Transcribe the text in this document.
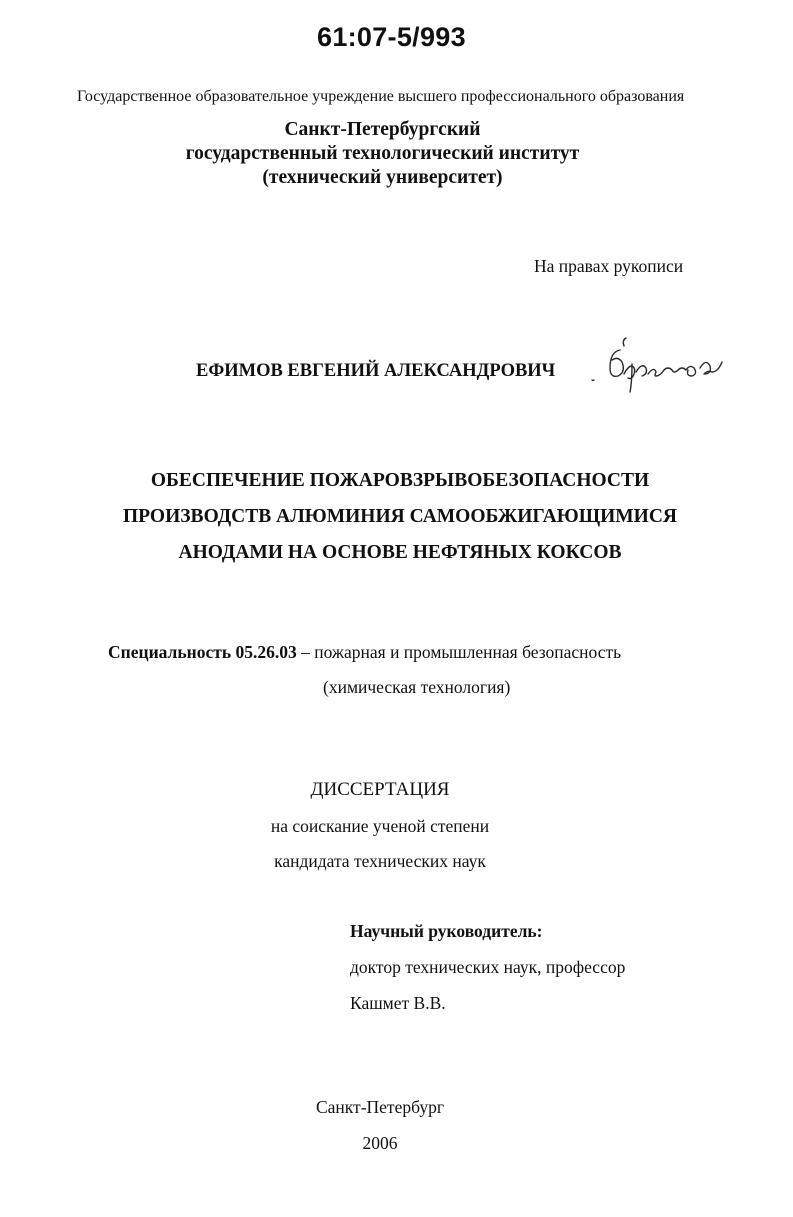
61:07-5/993
Государственное образовательное учреждение высшего профессионального образования
Санкт-Петербургский
государственный технологический институт
(технический университет)
На правах рукописи
ЕФИМОВ ЕВГЕНИЙ АЛЕКСАНДРОВИЧ
ОБЕСПЕЧЕНИЕ ПОЖАРОВЗРЫВОБЕЗОПАСНОСТИ
ПРОИЗВОДСТВ АЛЮМИНИЯ САМООБЖИГАЮЩИМИСЯ
АНОДАМИ НА ОСНОВЕ НЕФТЯНЫХ КОКСОВ
Специальность 05.26.03 – пожарная и промышленная безопасность
(химическая технология)
ДИССЕРТАЦИЯ
на соискание ученой степени
кандидата технических наук
Научный руководитель:
доктор технических наук, профессор
Кашмет В.В.
Санкт-Петербург
2006
